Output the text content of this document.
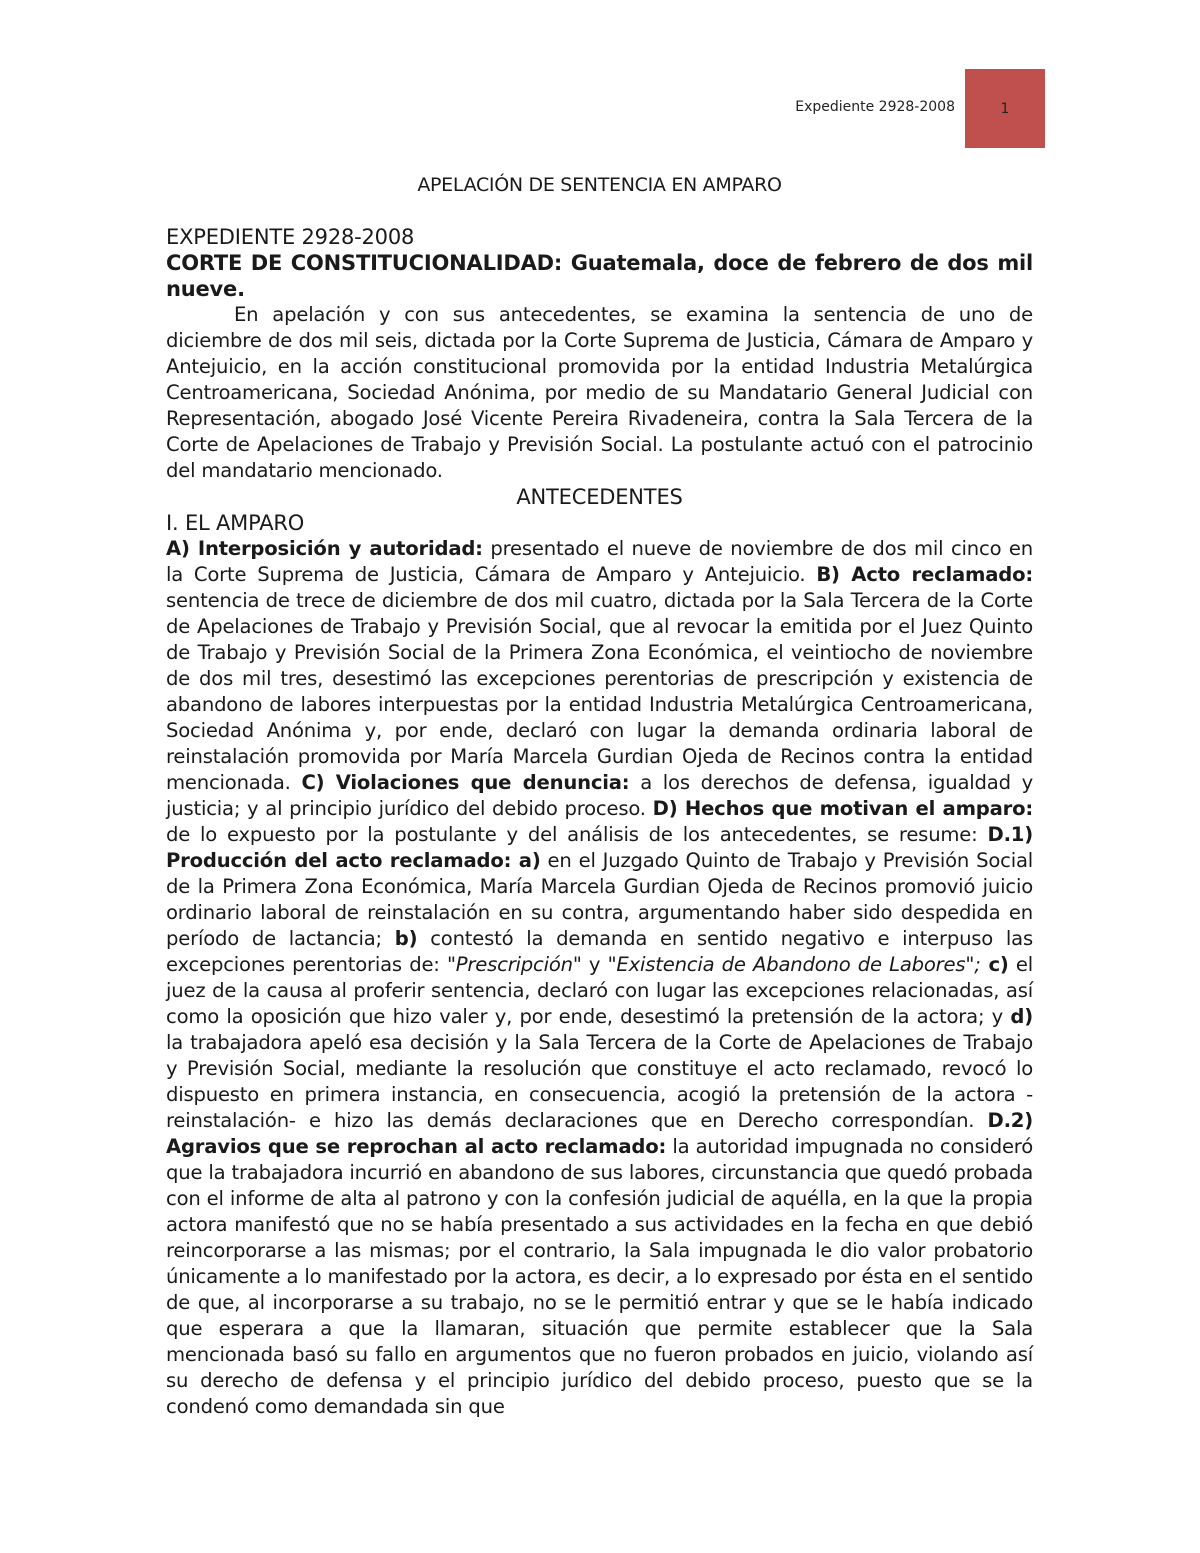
Expediente 2928-2008	1

APELACIÓN DE SENTENCIA EN AMPARO

EXPEDIENTE 2928-2008

CORTE DE CONSTITUCIONALIDAD: Guatemala, doce de febrero de dos mil nueve.

En apelación y con sus antecedentes, se examina la sentencia de uno de diciembre de dos mil seis, dictada por la Corte Suprema de Justicia, Cámara de Amparo y Antejuicio, en la acción constitucional promovida por la entidad Industria Metalúrgica Centroamericana, Sociedad Anónima, por medio de su Mandatario General Judicial con Representación, abogado José Vicente Pereira Rivadeneira, contra la Sala Tercera de la Corte de Apelaciones de Trabajo y Previsión Social. La postulante actuó con el patrocinio del mandatario mencionado.

ANTECEDENTES

I. EL AMPARO

A) Interposición y autoridad: presentado el nueve de noviembre de dos mil cinco en la Corte Suprema de Justicia, Cámara de Amparo y Antejuicio. B) Acto reclamado: sentencia de trece de diciembre de dos mil cuatro, dictada por la Sala Tercera de la Corte de Apelaciones de Trabajo y Previsión Social, que al revocar la emitida por el Juez Quinto de Trabajo y Previsión Social de la Primera Zona Económica, el veintiocho de noviembre de dos mil tres, desestimó las excepciones perentorias de prescripción y existencia de abandono de labores interpuestas por la entidad Industria Metalúrgica Centroamericana, Sociedad Anónima y, por ende, declaró con lugar la demanda ordinaria laboral de reinstalación promovida por María Marcela Gurdian Ojeda de Recinos contra la entidad mencionada. C) Violaciones que denuncia: a los derechos de defensa, igualdad y justicia; y al principio jurídico del debido proceso. D) Hechos que motivan el amparo: de lo expuesto por la postulante y del análisis de los antecedentes, se resume: D.1) Producción del acto reclamado: a) en el Juzgado Quinto de Trabajo y Previsión Social de la Primera Zona Económica, María Marcela Gurdian Ojeda de Recinos promovió juicio ordinario laboral de reinstalación en su contra, argumentando haber sido despedida en período de lactancia; b) contestó la demanda en sentido negativo e interpuso las excepciones perentorias de: "Prescripción" y "Existencia de Abandono de Labores"; c) el juez de la causa al proferir sentencia, declaró con lugar las excepciones relacionadas, así como la oposición que hizo valer y, por ende, desestimó la pretensión de la actora; y d) la trabajadora apeló esa decisión y la Sala Tercera de la Corte de Apelaciones de Trabajo y Previsión Social, mediante la resolución que constituye el acto reclamado, revocó lo dispuesto en primera instancia, en consecuencia, acogió la pretensión de la actora -reinstalación- e hizo las demás declaraciones que en Derecho correspondían. D.2) Agravios que se reprochan al acto reclamado: la autoridad impugnada no consideró que la trabajadora incurrió en abandono de sus labores, circunstancia que quedó probada con el informe de alta al patrono y con la confesión judicial de aquélla, en la que la propia actora manifestó que no se había presentado a sus actividades en la fecha en que debió reincorporarse a las mismas; por el contrario, la Sala impugnada le dio valor probatorio únicamente a lo manifestado por la actora, es decir, a lo expresado por ésta en el sentido de que, al incorporarse a su trabajo, no se le permitió entrar y que se le había indicado que esperara a que la llamaran, situación que permite establecer que la Sala mencionada basó su fallo en argumentos que no fueron probados en juicio, violando así su derecho de defensa y el principio jurídico del debido proceso, puesto que se la condenó como demandada sin que
